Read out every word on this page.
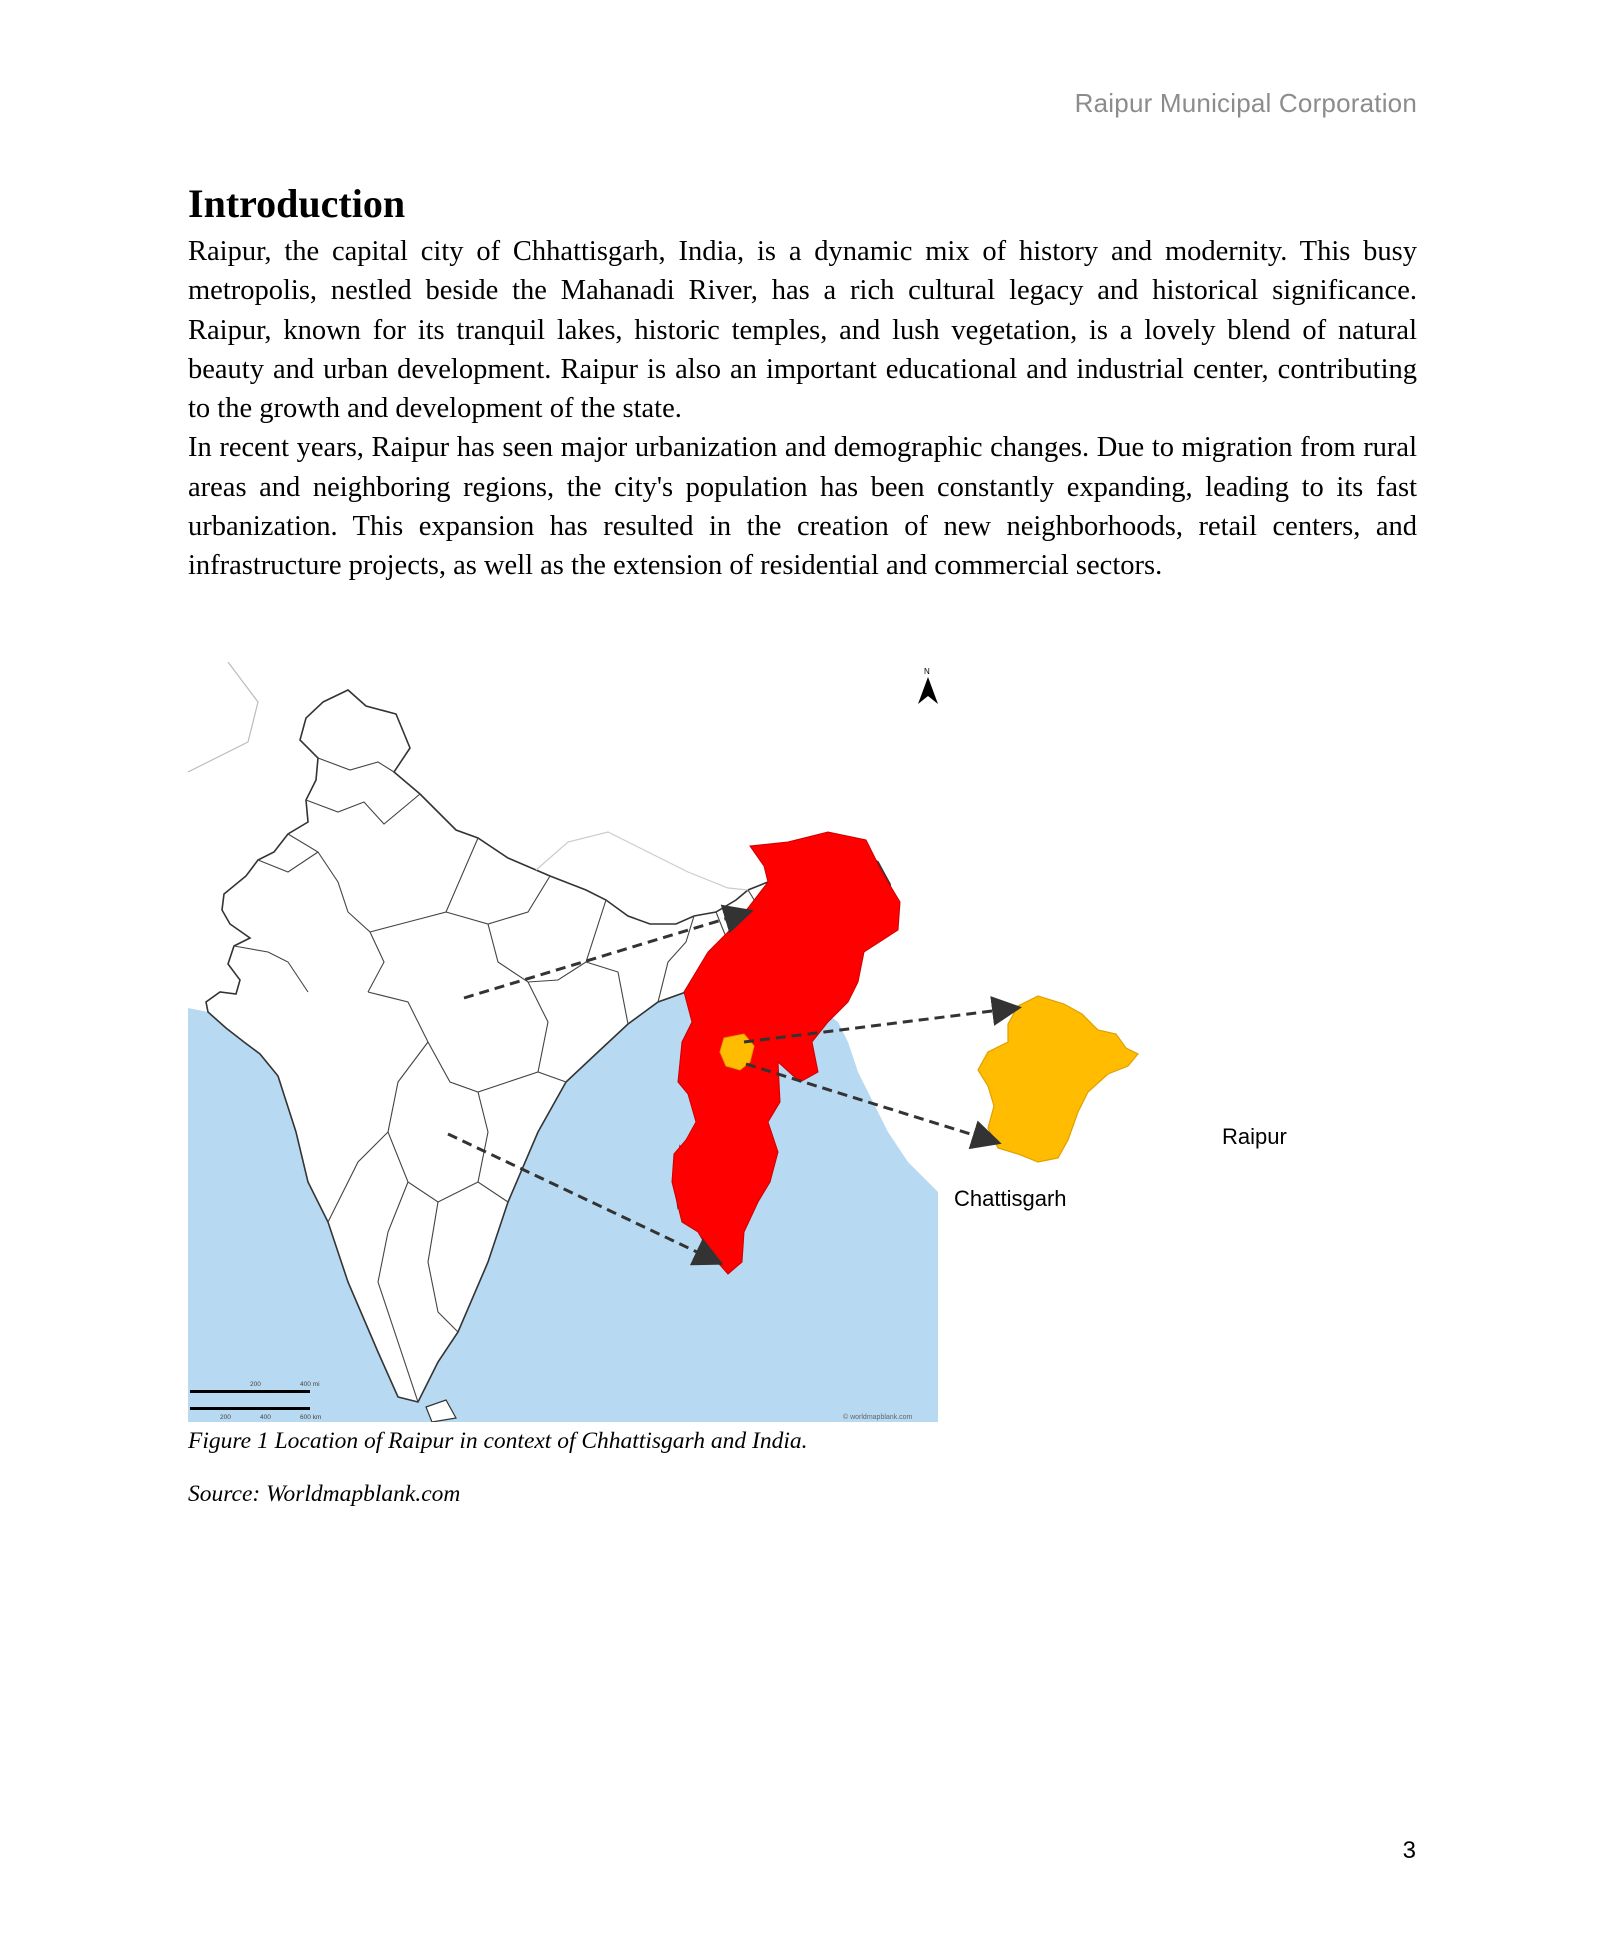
Raipur Municipal Corporation
Introduction

Raipur, the capital city of Chhattisgarh, India, is a dynamic mix of history and modernity. This busy metropolis, nestled beside the Mahanadi River, has a rich cultural legacy and historical significance. Raipur, known for its tranquil lakes, historic temples, and lush vegetation, is a lovely blend of natural beauty and urban development. Raipur is also an important educational and industrial center, contributing to the growth and development of the state.

In recent years, Raipur has seen major urbanization and demographic changes. Due to migration from rural areas and neighboring regions, the city's population has been constantly expanding, leading to its fast urbanization. This expansion has resulted in the creation of new neighborhoods, retail centers, and infrastructure projects, as well as the extension of residential and commercial sectors.

N
200	400 mi
200	400	600 km	© worldmapblank.com
Chattisgarh
Raipur
Figure 1 Location of Raipur in context of Chhattisgarh and India.
Source: Worldmapblank.com
3
